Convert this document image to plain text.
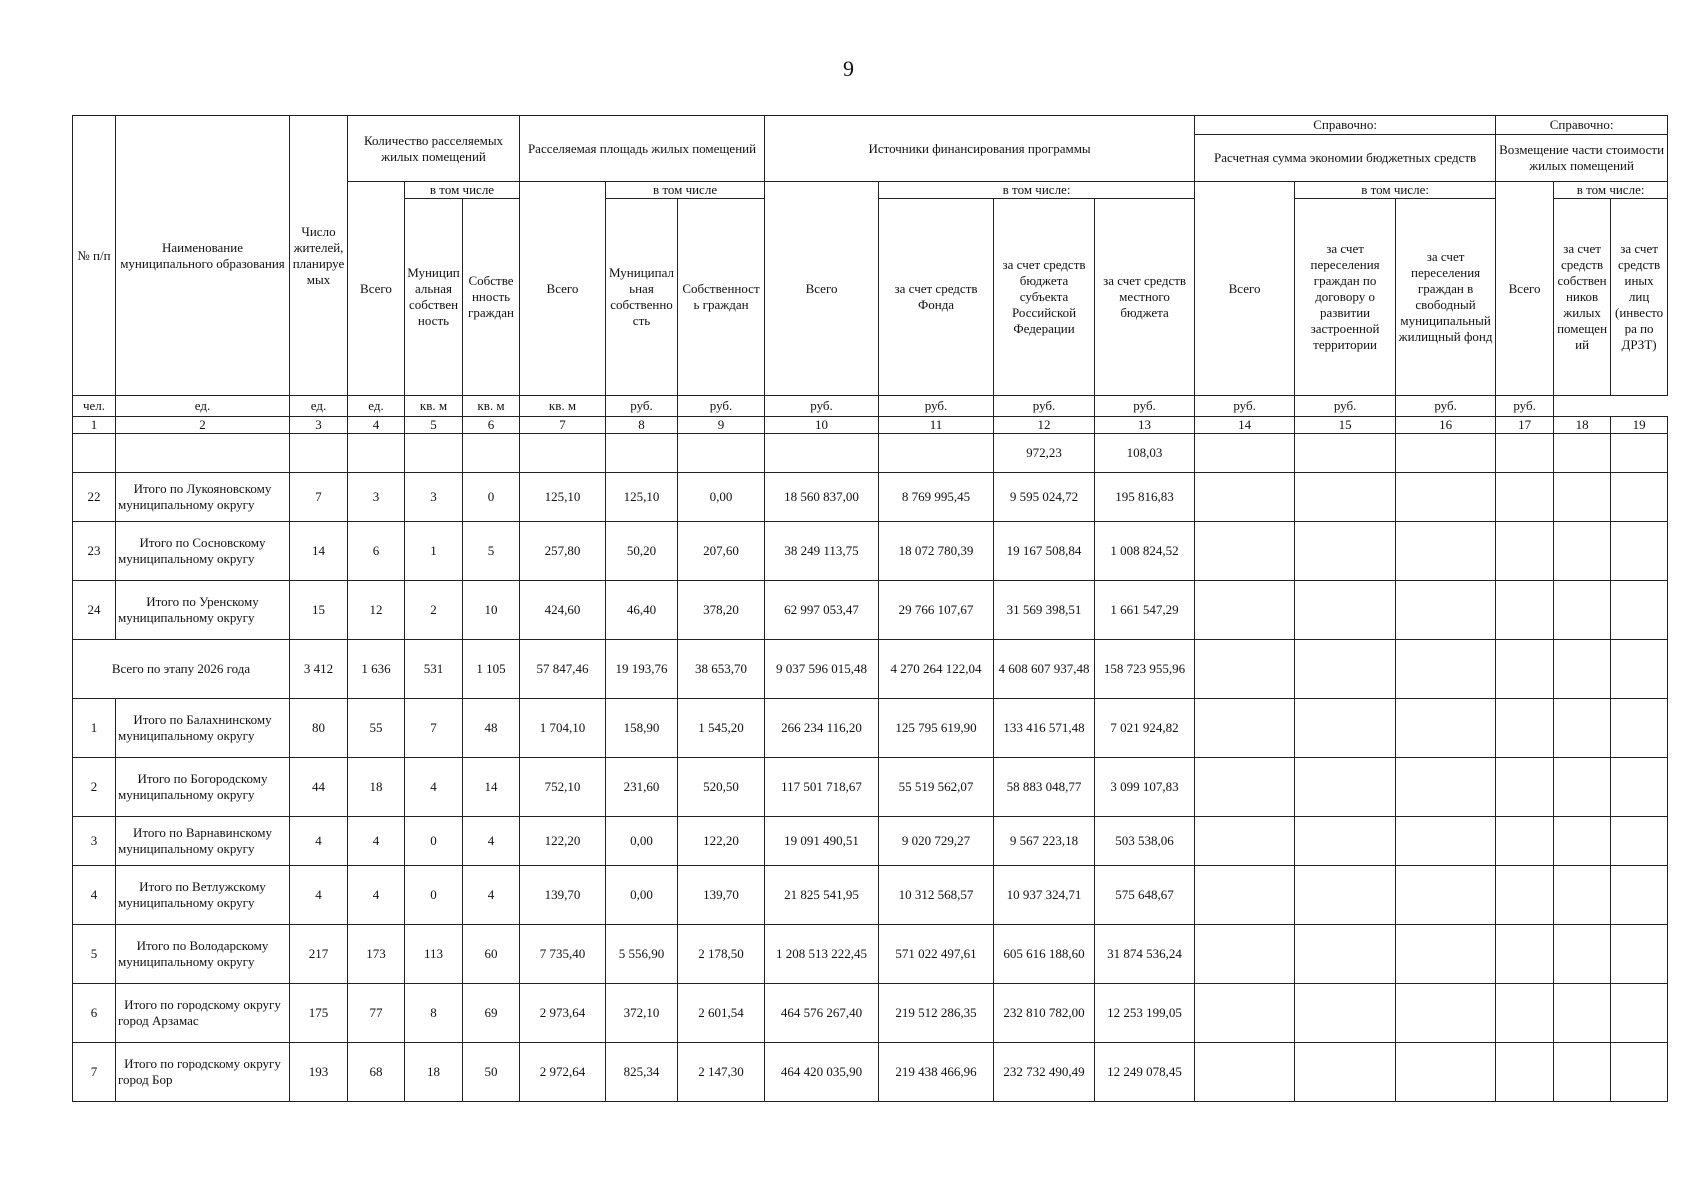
9
№ п/п	Наименование муниципального образования	Число жителей, планируемых	Количество расселяемых жилых помещений			Расселяемая площадь жилых помещений			Источники финансирования программы				Справочно:			Справочно:		
													Расчетная сумма экономии бюджетных средств			Возмещение части стоимости жилых помещений		
			Всего	в том числе		Всего	в том числе		Всего	в том числе:			Всего	в том числе:		Всего	в том числе:	
				Муниципальная собственность	Собственность граждан		Муниципальная собственность	Собственность граждан		за счет средств Фонда	за счет средств бюджета субъекта Российской Федерации	за счет средств местного бюджета		за счет переселения граждан по договору о развитии застроенной территории	за счет переселения граждан в свободный муниципальный жилищный фонд		за счет средств собственников жилых помещений	за счет средств иных лиц (инвестора по ДРЗТ)
чел.	ед.	ед.	ед.	кв. м	кв. м	кв. м	руб.	руб.	руб.	руб.	руб.	руб.	руб.	руб.	руб.	руб.		
1	2	3	4	5	6	7	8	9	10	11	12	13	14	15	16	17	18	19
											972,23	108,03						
22	Итого по Лукояновскому муниципальному округу	7	3	3	0	125,10	125,10	0,00	18 560 837,00	8 769 995,45	9 595 024,72	195 816,83						
23	Итого по Сосновскому муниципальному округу	14	6	1	5	257,80	50,20	207,60	38 249 113,75	18 072 780,39	19 167 508,84	1 008 824,52						
24	Итого по Уренскому муниципальному округу	15	12	2	10	424,60	46,40	378,20	62 997 053,47	29 766 107,67	31 569 398,51	1 661 547,29						
Всего по этапу 2026 года		3 412	1 636	531	1 105	57 847,46	19 193,76	38 653,70	9 037 596 015,48	4 270 264 122,04	4 608 607 937,48	158 723 955,96						
1	Итого по Балахнинскому муниципальному округу	80	55	7	48	1 704,10	158,90	1 545,20	266 234 116,20	125 795 619,90	133 416 571,48	7 021 924,82						
2	Итого по Богородскому муниципальному округу	44	18	4	14	752,10	231,60	520,50	117 501 718,67	55 519 562,07	58 883 048,77	3 099 107,83						
3	Итого по Варнавинскому муниципальному округу	4	4	0	4	122,20	0,00	122,20	19 091 490,51	9 020 729,27	9 567 223,18	503 538,06						
4	Итого по Ветлужскому муниципальному округу	4	4	0	4	139,70	0,00	139,70	21 825 541,95	10 312 568,57	10 937 324,71	575 648,67						
5	Итого по Володарскому муниципальному округу	217	173	113	60	7 735,40	5 556,90	2 178,50	1 208 513 222,45	571 022 497,61	605 616 188,60	31 874 536,24						
6	Итого по городскому округу город Арзамас	175	77	8	69	2 973,64	372,10	2 601,54	464 576 267,40	219 512 286,35	232 810 782,00	12 253 199,05						
7	Итого по городскому округу город Бор	193	68	18	50	2 972,64	825,34	2 147,30	464 420 035,90	219 438 466,96	232 732 490,49	12 249 078,45						
